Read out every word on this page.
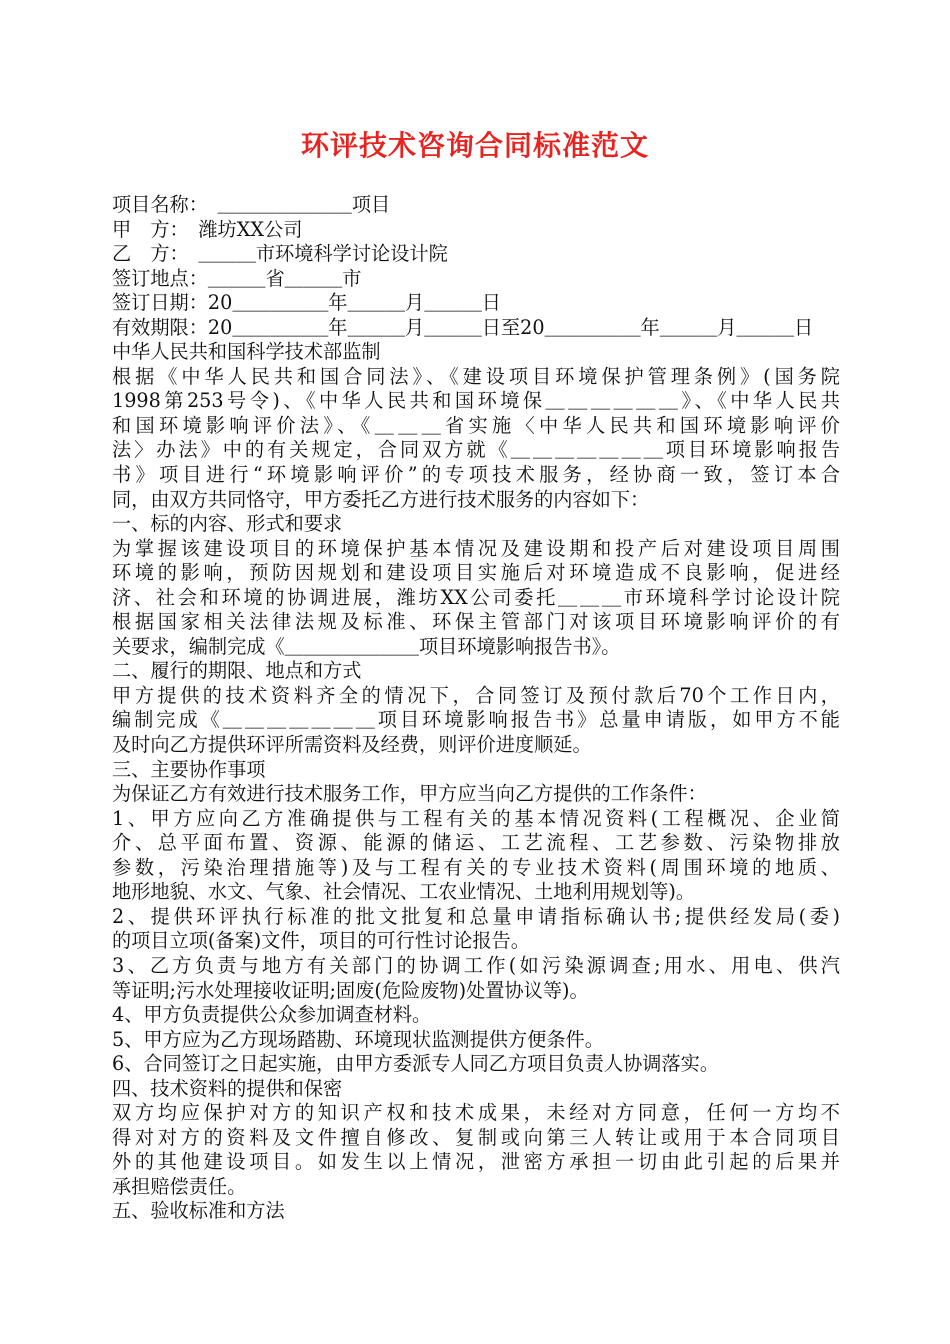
环评技术咨询合同标准范文
项目名称：　＿＿＿＿＿＿＿项目
甲　方：　潍坊XX公司
乙　方：　＿＿＿市环境科学讨论设计院
签订地点：＿＿＿省＿＿＿市
签订日期：20＿＿＿＿＿年＿＿＿月＿＿＿日
有效期限：20＿＿＿＿＿年＿＿＿月＿＿＿日至20＿＿＿＿＿年＿＿＿月＿＿＿日
中华人民共和国科学技术部监制
根据《中华人民共和国合同法》、《建设项目环境保护管理条例》(国务院
1998第253号令)、《中华人民共和国环境保＿＿＿＿＿＿》、《中华人民共
和国环境影响评价法》、《＿＿＿省实施〈中华人民共和国环境影响评价
法〉办法》中的有关规定，合同双方就《＿＿＿＿＿＿＿项目环境影响报告
书》项目进行“环境影响评价”的专项技术服务，经协商一致，签订本合
同，由双方共同恪守，甲方委托乙方进行技术服务的内容如下：
一、标的内容、形式和要求
为掌握该建设项目的环境保护基本情况及建设期和投产后对建设项目周围
环境的影响，预防因规划和建设项目实施后对环境造成不良影响，促进经
济、社会和环境的协调进展，潍坊XX公司委托＿＿＿市环境科学讨论设计院
根据国家相关法律法规及标准、环保主管部门对该项目环境影响评价的有
关要求，编制完成《＿＿＿＿＿＿＿项目环境影响报告书》。
二、履行的期限、地点和方式
甲方提供的技术资料齐全的情况下，合同签订及预付款后70个工作日内，
编制完成《＿＿＿＿＿＿＿项目环境影响报告书》总量申请版，如甲方不能
及时向乙方提供环评所需资料及经费，则评价进度顺延。
三、主要协作事项
为保证乙方有效进行技术服务工作，甲方应当向乙方提供的工作条件：
1、甲方应向乙方准确提供与工程有关的基本情况资料(工程概况、企业简
介、总平面布置、资源、能源的储运、工艺流程、工艺参数、污染物排放
参数，污染治理措施等)及与工程有关的专业技术资料(周围环境的地质、
地形地貌、水文、气象、社会情况、工农业情况、土地利用规划等)。
2、提供环评执行标准的批文批复和总量申请指标确认书;提供经发局(委)
的项目立项(备案)文件，项目的可行性讨论报告。
3、乙方负责与地方有关部门的协调工作(如污染源调查;用水、用电、供汽
等证明;污水处理接收证明;固废(危险废物)处置协议等)。
4、甲方负责提供公众参加调查材料。
5、甲方应为乙方现场踏勘、环境现状监测提供方便条件。
6、合同签订之日起实施，由甲方委派专人同乙方项目负责人协调落实。
四、技术资料的提供和保密
双方均应保护对方的知识产权和技术成果，未经对方同意，任何一方均不
得对对方的资料及文件擅自修改、复制或向第三人转让或用于本合同项目
外的其他建设项目。如发生以上情况，泄密方承担一切由此引起的后果并
承担赔偿责任。
五、验收标准和方法
